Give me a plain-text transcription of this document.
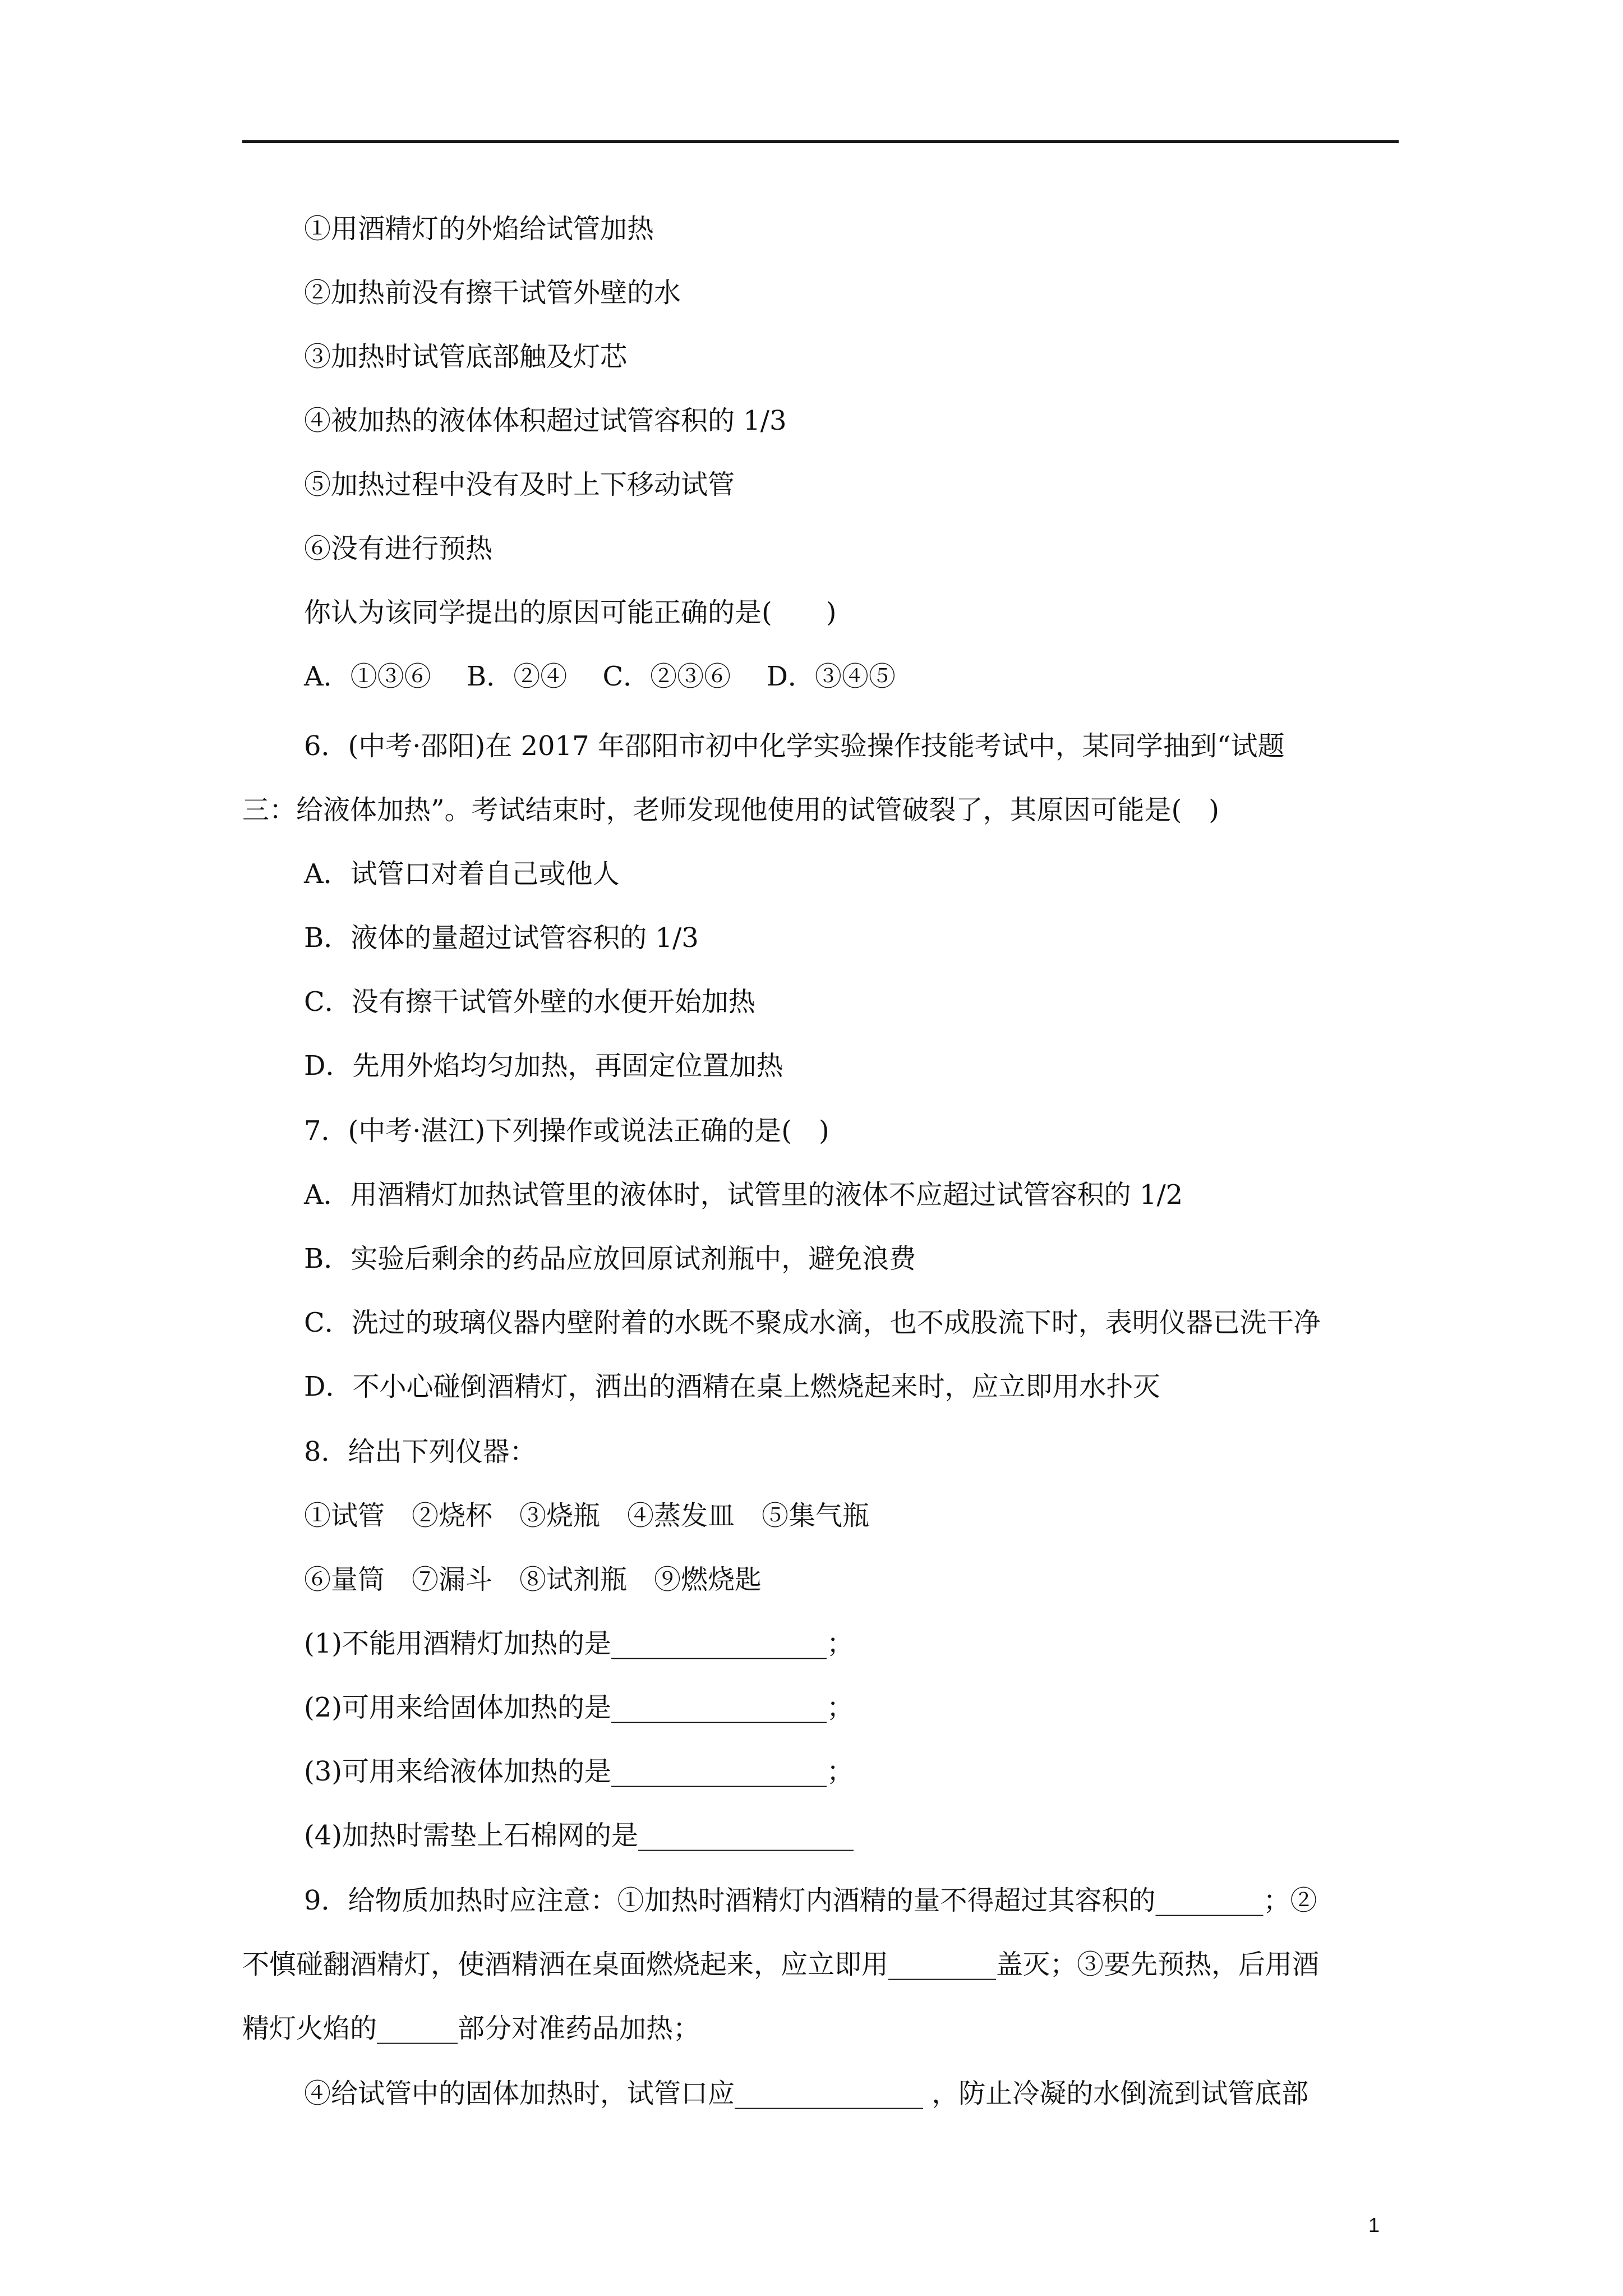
①用酒精灯的外焰给试管加热
②加热前没有擦干试管外壁的水
③加热时试管底部触及灯芯
④被加热的液体体积超过试管容积的 1/3
⑤加热过程中没有及时上下移动试管
⑥没有进行预热
你认为该同学提出的原因可能正确的是(　　)
A．①③⑥　 B．②④　 C．②③⑥　 D．③④⑤
6．(中考·邵阳)在 2017 年邵阳市初中化学实验操作技能考试中，某同学抽到“试题
三：给液体加热”。考试结束时，老师发现他使用的试管破裂了，其原因可能是(　)
A．试管口对着自己或他人
B．液体的量超过试管容积的 1/3
C．没有擦干试管外壁的水便开始加热
D．先用外焰均匀加热，再固定位置加热
7．(中考·湛江)下列操作或说法正确的是(　)
A．用酒精灯加热试管里的液体时，试管里的液体不应超过试管容积的 1/2
B．实验后剩余的药品应放回原试剂瓶中，避免浪费
C．洗过的玻璃仪器内壁附着的水既不聚成水滴，也不成股流下时，表明仪器已洗干净
D．不小心碰倒酒精灯，洒出的酒精在桌上燃烧起来时，应立即用水扑灭
8．给出下列仪器：
①试管　②烧杯　③烧瓶　④蒸发皿　⑤集气瓶
⑥量筒　⑦漏斗　⑧试剂瓶　⑨燃烧匙
(1)不能用酒精灯加热的是________________；
(2)可用来给固体加热的是________________；
(3)可用来给液体加热的是________________；
(4)加热时需垫上石棉网的是________________
9．给物质加热时应注意：①加热时酒精灯内酒精的量不得超过其容积的________；②
不慎碰翻酒精灯，使酒精洒在桌面燃烧起来，应立即用________盖灭；③要先预热，后用酒
精灯火焰的______部分对准药品加热；
④给试管中的固体加热时，试管口应______________ ，防止冷凝的水倒流到试管底部
1
